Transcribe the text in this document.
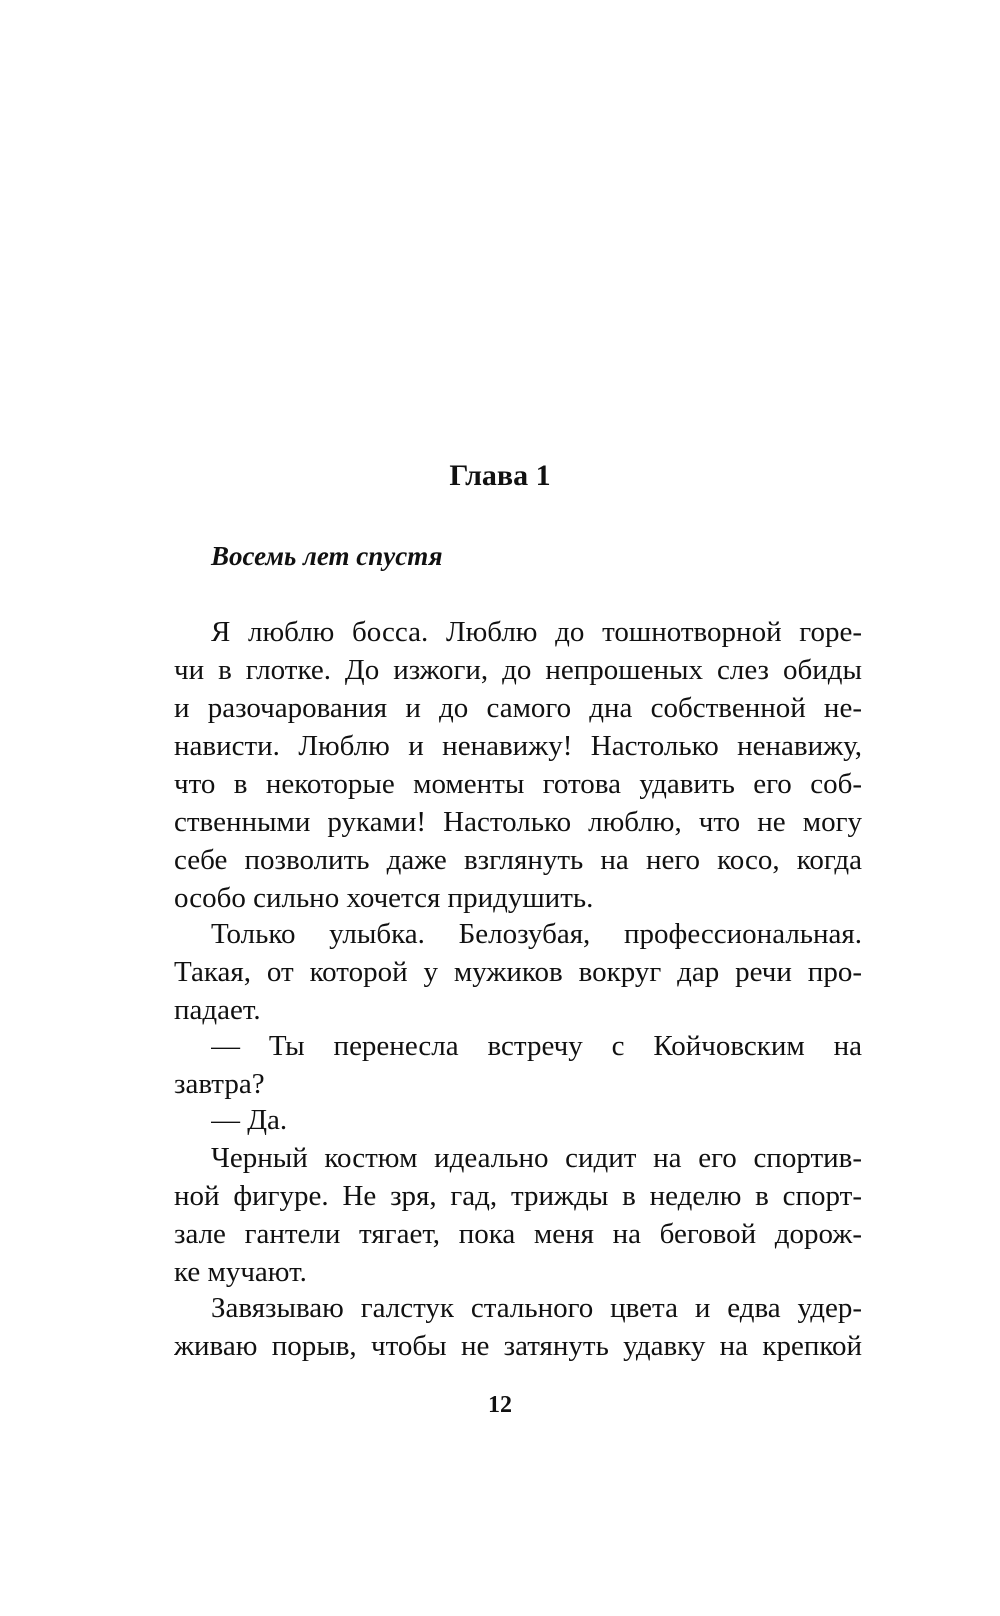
Глава 1
Восемь лет спустя
Я люблю босса. Люблю до тошнотворной горе-
чи в глотке. До изжоги, до непрошеных слез обиды
и разочарования и до самого дна собственной не-
нависти. Люблю и ненавижу! Настолько ненавижу,
что в некоторые моменты готова удавить его соб-
ственными руками! Настолько люблю, что не могу
себе позволить даже взглянуть на него косо, когда
особо сильно хочется придушить.
Только улыбка. Белозубая, профессиональная.
Такая, от которой у мужиков вокруг дар речи про-
падает.
— Ты перенесла встречу с Койчовским на
завтра?
— Да.
Черный костюм идеально сидит на его спортив-
ной фигуре. Не зря, гад, трижды в неделю в спорт-
зале гантели тягает, пока меня на беговой дорож-
ке мучают.
Завязываю галстук стального цвета и едва удер-
живаю порыв, чтобы не затянуть удавку на крепкой
12
